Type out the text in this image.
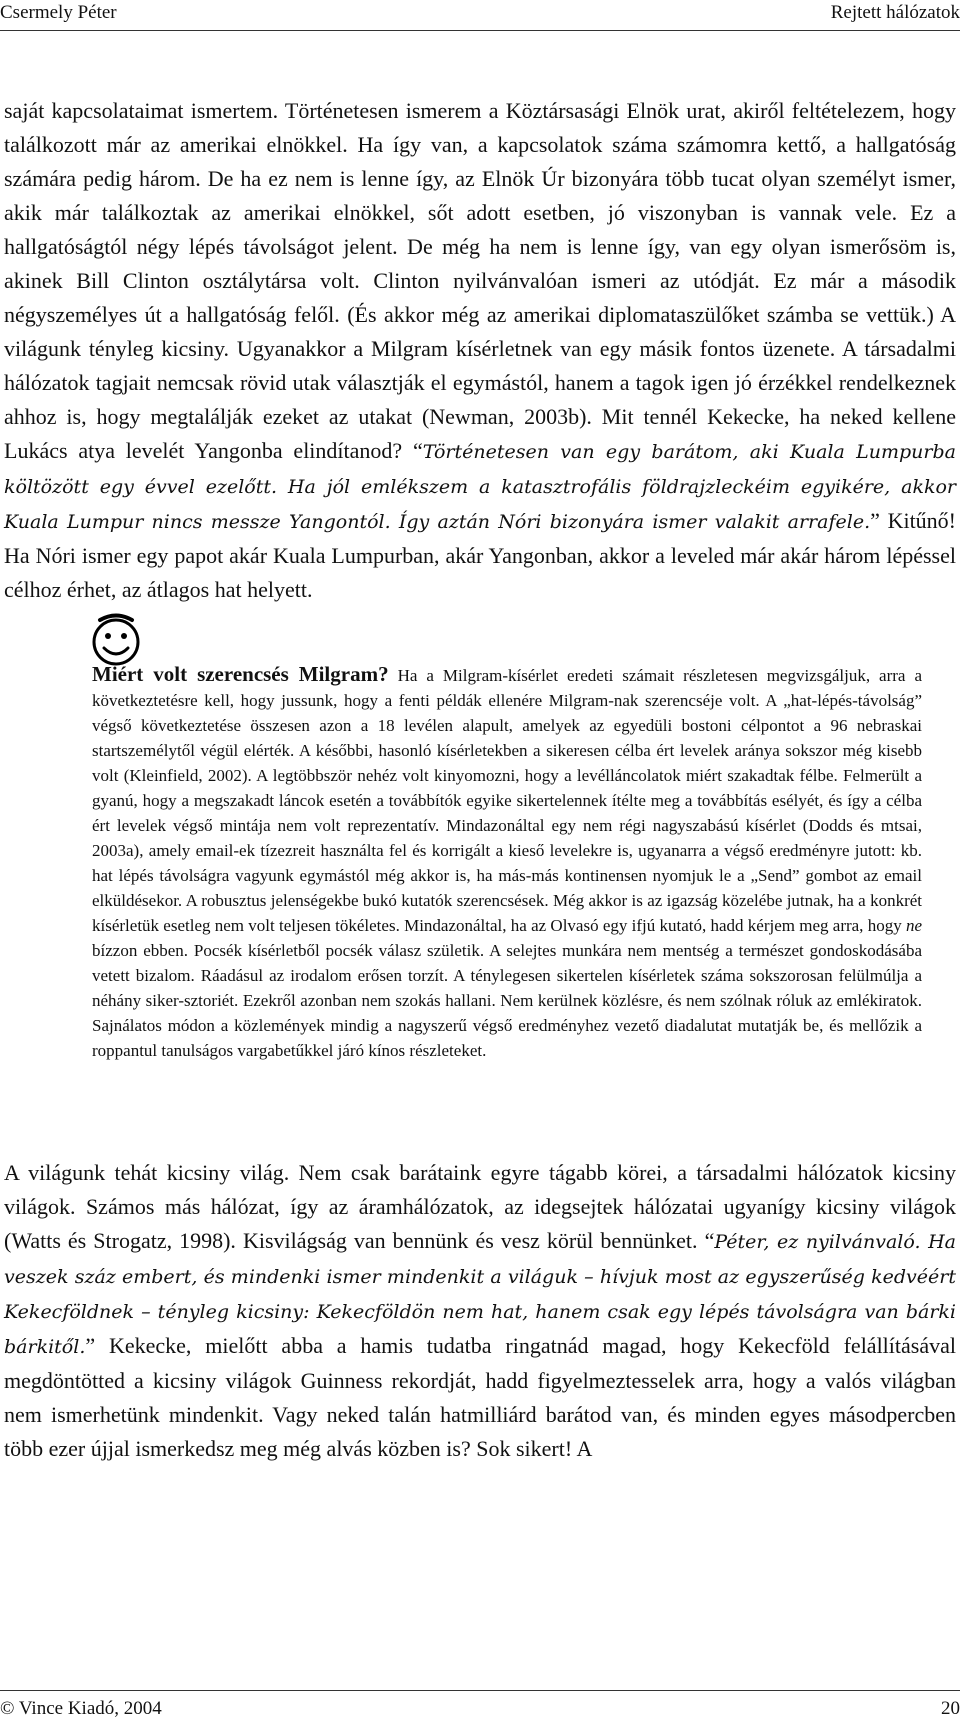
Csermely Péter	Rejtett hálózatok
saját kapcsolataimat ismertem. Történetesen ismerem a Köztársasági Elnök urat, akiről feltételezem, hogy találkozott már az amerikai elnökkel. Ha így van, a kapcsolatok száma számomra kettő, a hallgatóság számára pedig három. De ha ez nem is lenne így, az Elnök Úr bizonyára több tucat olyan személyt ismer, akik már találkoztak az amerikai elnökkel, sőt adott esetben, jó viszonyban is vannak vele. Ez a hallgatóságtól négy lépés távolságot jelent. De még ha nem is lenne így, van egy olyan ismerősöm is, akinek Bill Clinton osztálytársa volt. Clinton nyilvánvalóan ismeri az utódját. Ez már a második négyszemélyes út a hallgatóság felől. (És akkor még az amerikai diplomataszülőket számba se vettük.) A világunk tényleg kicsiny. Ugyanakkor a Milgram kísérletnek van egy másik fontos üzenete. A társadalmi hálózatok tagjait nemcsak rövid utak választják el egymástól, hanem a tagok igen jó érzékkel rendelkeznek ahhoz is, hogy megtalálják ezeket az utakat (Newman, 2003b). Mit tennél Kekecke, ha neked kellene Lukács atya levelét Yangonba elindítanod? “Történetesen van egy barátom, aki Kuala Lumpurba költözött egy évvel ezelőtt. Ha jól emlékszem a katasztrofális földrajzleckéim egyikére, akkor Kuala Lumpur nincs messze Yangontól. Így aztán Nóri bizonyára ismer valakit arrafele.” Kitűnő! Ha Nóri ismer egy papot akár Kuala Lumpurban, akár Yangonban, akkor a leveled már akár három lépéssel célhoz érhet, az átlagos hat helyett.
Miért volt szerencsés Milgram? Ha a Milgram-kísérlet eredeti számait részletesen megvizsgáljuk, arra a következtetésre kell, hogy jussunk, hogy a fenti példák ellenére Milgram-nak szerencséje volt. A „hat-lépés-távolság” végső következtetése összesen azon a 18 levélen alapult, amelyek az egyedüli bostoni célpontot a 96 nebraskai startszemélytől végül elérték. A későbbi, hasonló kísérletekben a sikeresen célba ért levelek aránya sokszor még kisebb volt (Kleinfield, 2002). A legtöbbször nehéz volt kinyomozni, hogy a levélláncolatok miért szakadtak félbe. Felmerült a gyanú, hogy a megszakadt láncok esetén a továbbítók egyike sikertelennek ítélte meg a továbbítás esélyét, és így a célba ért levelek végső mintája nem volt reprezentatív. Mindazonáltal egy nem régi nagyszabású kísérlet (Dodds és mtsai, 2003a), amely email-ek tízezreit használta fel és korrigált a kieső levelekre is, ugyanarra a végső eredményre jutott: kb. hat lépés távolságra vagyunk egymástól még akkor is, ha más-más kontinensen nyomjuk le a „Send” gombot az email elküldésekor. A robusztus jelenségekbe bukó kutatók szerencsések. Még akkor is az igazság közelébe jutnak, ha a konkrét kísérletük esetleg nem volt teljesen tökéletes. Mindazonáltal, ha az Olvasó egy ifjú kutató, hadd kérjem meg arra, hogy ne bízzon ebben. Pocsék kísérletből pocsék válasz születik. A selejtes munkára nem mentség a természet gondoskodásába vetett bizalom. Ráadásul az irodalom erősen torzít. A ténylegesen sikertelen kísérletek száma sokszorosan felülmúlja a néhány siker-sztoriét. Ezekről azonban nem szokás hallani. Nem kerülnek közlésre, és nem szólnak róluk az emlékiratok. Sajnálatos módon a közlemények mindig a nagyszerű végső eredményhez vezető diadalutat mutatják be, és mellőzik a roppantul tanulságos vargabetűkkel járó kínos részleteket.
A világunk tehát kicsiny világ. Nem csak barátaink egyre tágabb körei, a társadalmi hálózatok kicsiny világok. Számos más hálózat, így az áramhálózatok, az idegsejtek hálózatai ugyanígy kicsiny világok (Watts és Strogatz, 1998). Kisvilágság van bennünk és vesz körül bennünket. “Péter, ez nyilvánvaló. Ha veszek száz embert, és mindenki ismer mindenkit a világuk – hívjuk most az egyszerűség kedvéért Kekecföldnek – tényleg kicsiny: Kekecföldön nem hat, hanem csak egy lépés távolságra van bárki bárkitől.” Kekecke, mielőtt abba a hamis tudatba ringatnád magad, hogy Kekecföld felállításával megdöntötted a kicsiny világok Guinness rekordját, hadd figyelmeztesselek arra, hogy a valós világban nem ismerhetünk mindenkit. Vagy neked talán hatmilliárd barátod van, és minden egyes másodpercben több ezer újjal ismerkedsz meg még alvás közben is? Sok sikert! A
© Vince Kiadó, 2004	20
